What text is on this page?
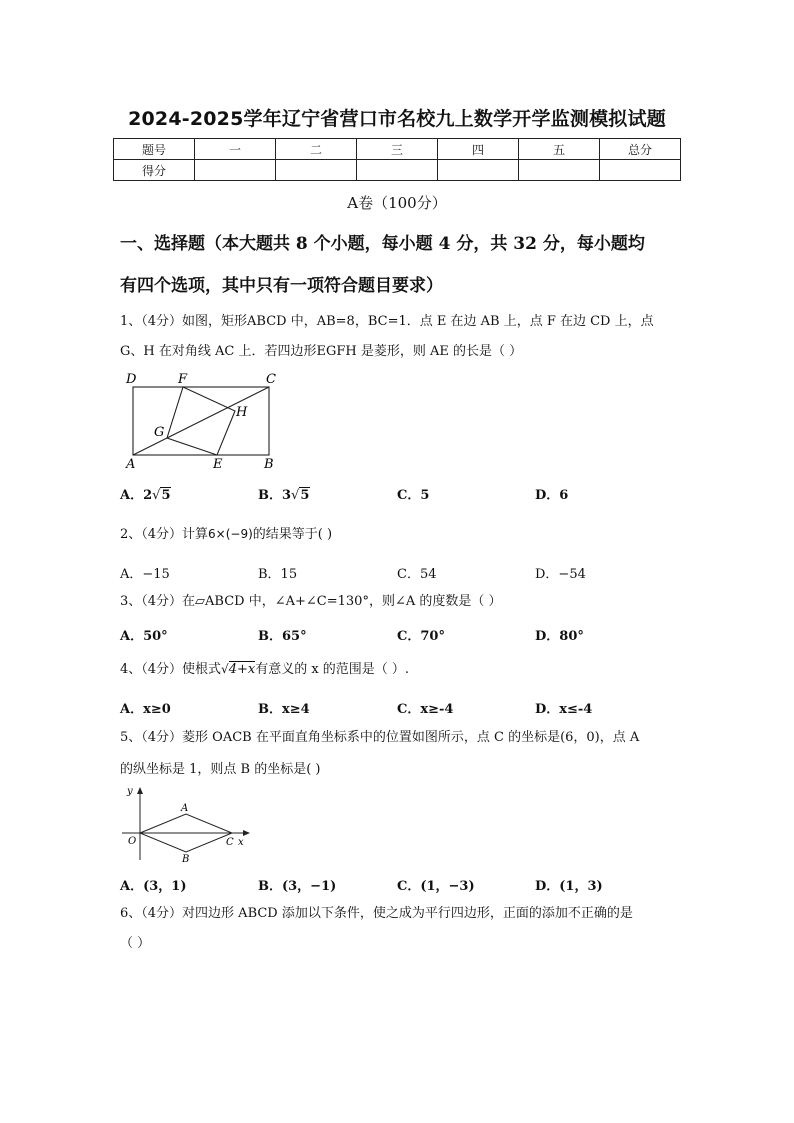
2024-2025学年辽宁省营口市名校九上数学开学监测模拟试题
题号	一	二	三	四	五	总分
得分						
A卷（100分）
一、选择题（本大题共 8 个小题，每小题 4 分，共 32 分，每小题均
有四个选项，其中只有一项符合题目要求）
1、（4分）如图，矩形ABCD 中，AB=8，BC=1．点 E 在边 AB 上，点 F 在边 CD 上，点
G、H 在对角线 AC 上．若四边形EGFH 是菱形，则 AE 的长是（ ）
D	F	C
H
G
A	E	B
A．2√5	B．3√5	C．5	D．6
2、（4分）计算6×(−9)的结果等于( )
A．−15	B．15	C．54	D．−54
3、（4分）在▱ABCD 中，∠A+∠C=130°，则∠A 的度数是（ ）
A．50°	B．65°	C．70°	D．80°
4、（4分）使根式√4+x有意义的 x 的范围是（ ）.
A．x≥0	B．x≥4	C．x≥-4	D．x≤-4
5、（4分）菱形 OACB 在平面直角坐标系中的位置如图所示，点 C 的坐标是(6，0)，点 A
的纵坐标是 1，则点 B 的坐标是( )
y
A
O	C x
B
A．(3，1)	B．(3，−1)	C．(1，−3)	D．(1，3)
6、（4分）对四边形 ABCD 添加以下条件，使之成为平行四边形，正面的添加不正确的是
（ ）
